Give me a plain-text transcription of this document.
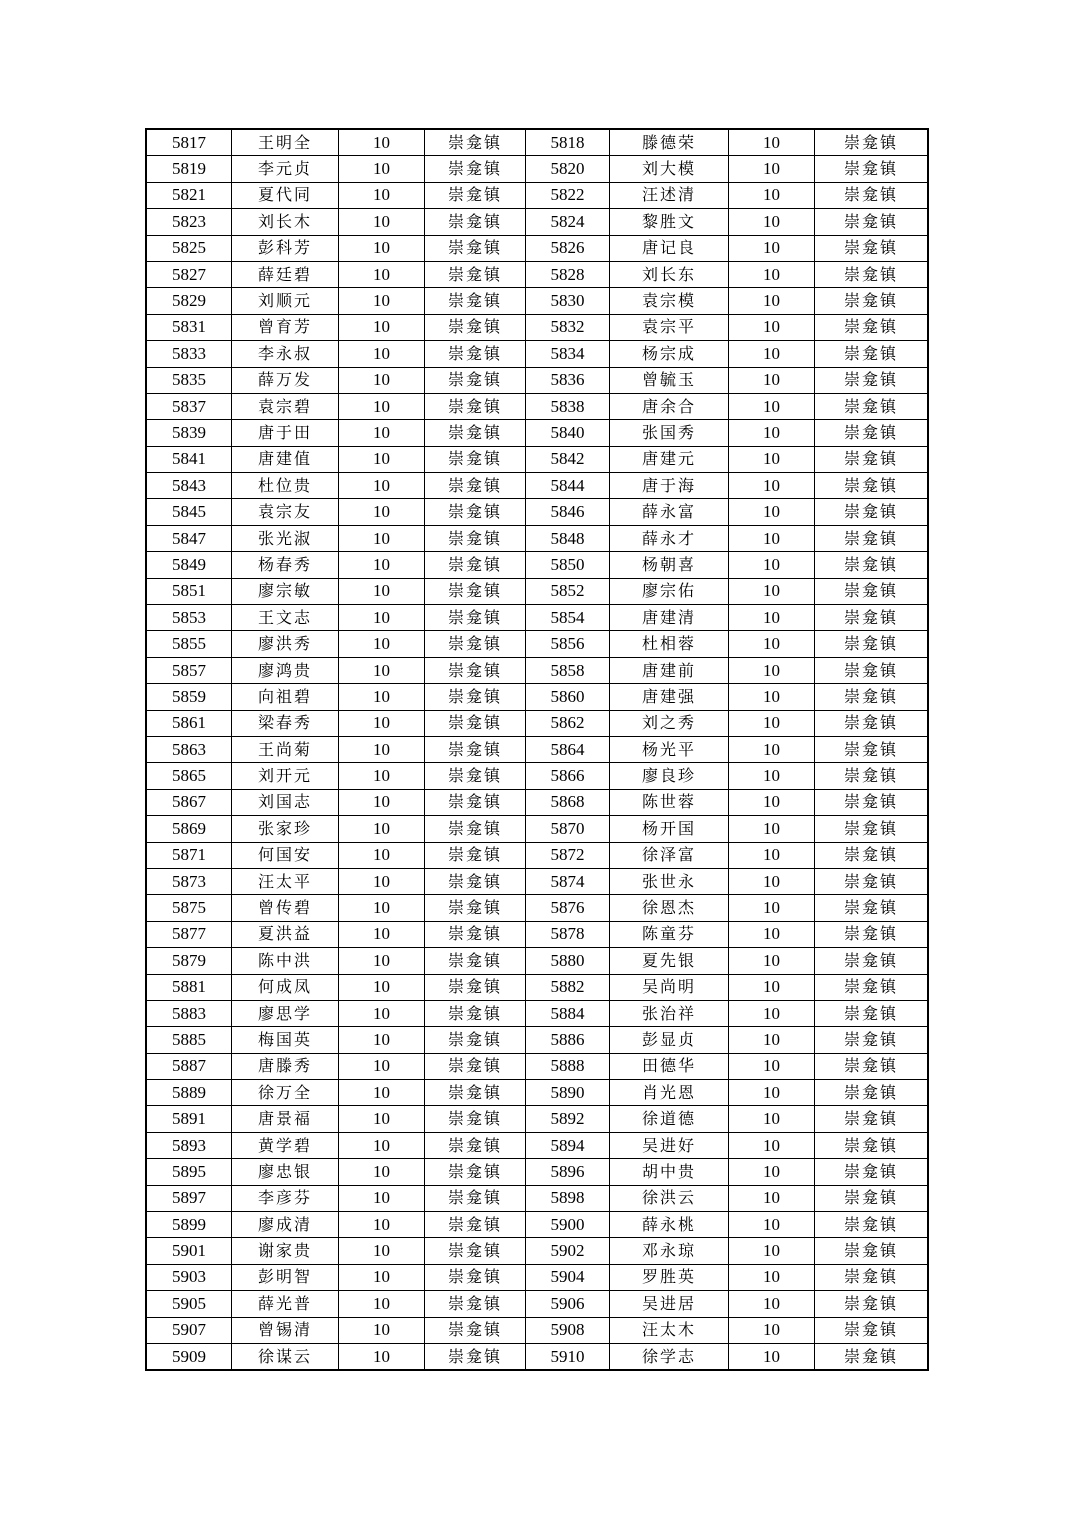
5817	王明全	10	崇龛镇	5818	滕德荣	10	崇龛镇
5819	李元贞	10	崇龛镇	5820	刘大模	10	崇龛镇
5821	夏代同	10	崇龛镇	5822	汪述清	10	崇龛镇
5823	刘长木	10	崇龛镇	5824	黎胜文	10	崇龛镇
5825	彭科芳	10	崇龛镇	5826	唐记良	10	崇龛镇
5827	薛廷碧	10	崇龛镇	5828	刘长东	10	崇龛镇
5829	刘顺元	10	崇龛镇	5830	袁宗模	10	崇龛镇
5831	曾育芳	10	崇龛镇	5832	袁宗平	10	崇龛镇
5833	李永叔	10	崇龛镇	5834	杨宗成	10	崇龛镇
5835	薛万发	10	崇龛镇	5836	曾毓玉	10	崇龛镇
5837	袁宗碧	10	崇龛镇	5838	唐余合	10	崇龛镇
5839	唐于田	10	崇龛镇	5840	张国秀	10	崇龛镇
5841	唐建值	10	崇龛镇	5842	唐建元	10	崇龛镇
5843	杜位贵	10	崇龛镇	5844	唐于海	10	崇龛镇
5845	袁宗友	10	崇龛镇	5846	薛永富	10	崇龛镇
5847	张光淑	10	崇龛镇	5848	薛永才	10	崇龛镇
5849	杨春秀	10	崇龛镇	5850	杨朝喜	10	崇龛镇
5851	廖宗敏	10	崇龛镇	5852	廖宗佑	10	崇龛镇
5853	王文志	10	崇龛镇	5854	唐建清	10	崇龛镇
5855	廖洪秀	10	崇龛镇	5856	杜相蓉	10	崇龛镇
5857	廖鸿贵	10	崇龛镇	5858	唐建前	10	崇龛镇
5859	向祖碧	10	崇龛镇	5860	唐建强	10	崇龛镇
5861	梁春秀	10	崇龛镇	5862	刘之秀	10	崇龛镇
5863	王尚菊	10	崇龛镇	5864	杨光平	10	崇龛镇
5865	刘开元	10	崇龛镇	5866	廖良珍	10	崇龛镇
5867	刘国志	10	崇龛镇	5868	陈世蓉	10	崇龛镇
5869	张家珍	10	崇龛镇	5870	杨开国	10	崇龛镇
5871	何国安	10	崇龛镇	5872	徐泽富	10	崇龛镇
5873	汪太平	10	崇龛镇	5874	张世永	10	崇龛镇
5875	曾传碧	10	崇龛镇	5876	徐恩杰	10	崇龛镇
5877	夏洪益	10	崇龛镇	5878	陈童芬	10	崇龛镇
5879	陈中洪	10	崇龛镇	5880	夏先银	10	崇龛镇
5881	何成凤	10	崇龛镇	5882	吴尚明	10	崇龛镇
5883	廖思学	10	崇龛镇	5884	张治祥	10	崇龛镇
5885	梅国英	10	崇龛镇	5886	彭显贞	10	崇龛镇
5887	唐滕秀	10	崇龛镇	5888	田德华	10	崇龛镇
5889	徐万全	10	崇龛镇	5890	肖光恩	10	崇龛镇
5891	唐景福	10	崇龛镇	5892	徐道德	10	崇龛镇
5893	黄学碧	10	崇龛镇	5894	吴进好	10	崇龛镇
5895	廖忠银	10	崇龛镇	5896	胡中贵	10	崇龛镇
5897	李彦芬	10	崇龛镇	5898	徐洪云	10	崇龛镇
5899	廖成清	10	崇龛镇	5900	薛永桃	10	崇龛镇
5901	谢家贵	10	崇龛镇	5902	邓永琼	10	崇龛镇
5903	彭明智	10	崇龛镇	5904	罗胜英	10	崇龛镇
5905	薛光普	10	崇龛镇	5906	吴进居	10	崇龛镇
5907	曾锡清	10	崇龛镇	5908	汪太木	10	崇龛镇
5909	徐谋云	10	崇龛镇	5910	徐学志	10	崇龛镇
